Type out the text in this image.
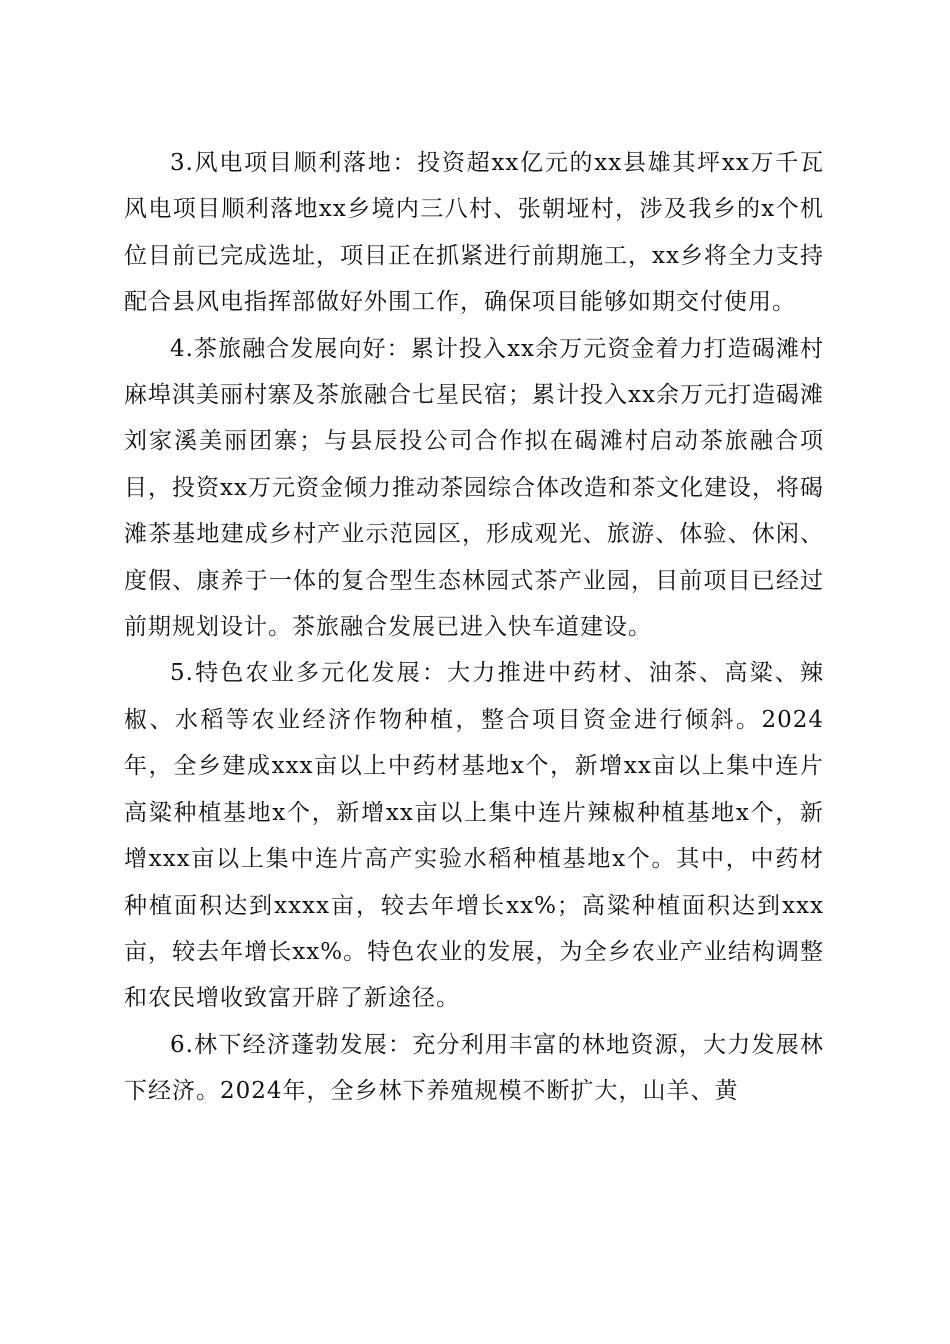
3.风电项目顺利落地：投资超xx亿元的xx县雄其坪xx万千瓦风电项目顺利落地xx乡境内三八村、张朝垭村，涉及我乡的x个机位目前已完成选址，项目正在抓紧进行前期施工，xx乡将全力支持配合县风电指挥部做好外围工作，确保项目能够如期交付使用。

4.茶旅融合发展向好：累计投入xx余万元资金着力打造碣滩村麻埠淇美丽村寨及茶旅融合七星民宿；累计投入xx余万元打造碣滩刘家溪美丽团寨；与县辰投公司合作拟在碣滩村启动茶旅融合项目，投资xx万元资金倾力推动茶园综合体改造和茶文化建设，将碣滩茶基地建成乡村产业示范园区，形成观光、旅游、体验、休闲、度假、康养于一体的复合型生态林园式茶产业园，目前项目已经过前期规划设计。茶旅融合发展已进入快车道建设。

5.特色农业多元化发展：大力推进中药材、油茶、高粱、辣椒、水稻等农业经济作物种植，整合项目资金进行倾斜。2024年，全乡建成xxx亩以上中药材基地x个，新增xx亩以上集中连片高粱种植基地x个，新增xx亩以上集中连片辣椒种植基地x个，新增xxx亩以上集中连片高产实验水稻种植基地x个。其中，中药材种植面积达到xxxx亩，较去年增长xx%；高粱种植面积达到xxx亩，较去年增长xx%。特色农业的发展，为全乡农业产业结构调整和农民增收致富开辟了新途径。

6.林下经济蓬勃发展：充分利用丰富的林地资源，大力发展林下经济。2024年，全乡林下养殖规模不断扩大，山羊、黄
